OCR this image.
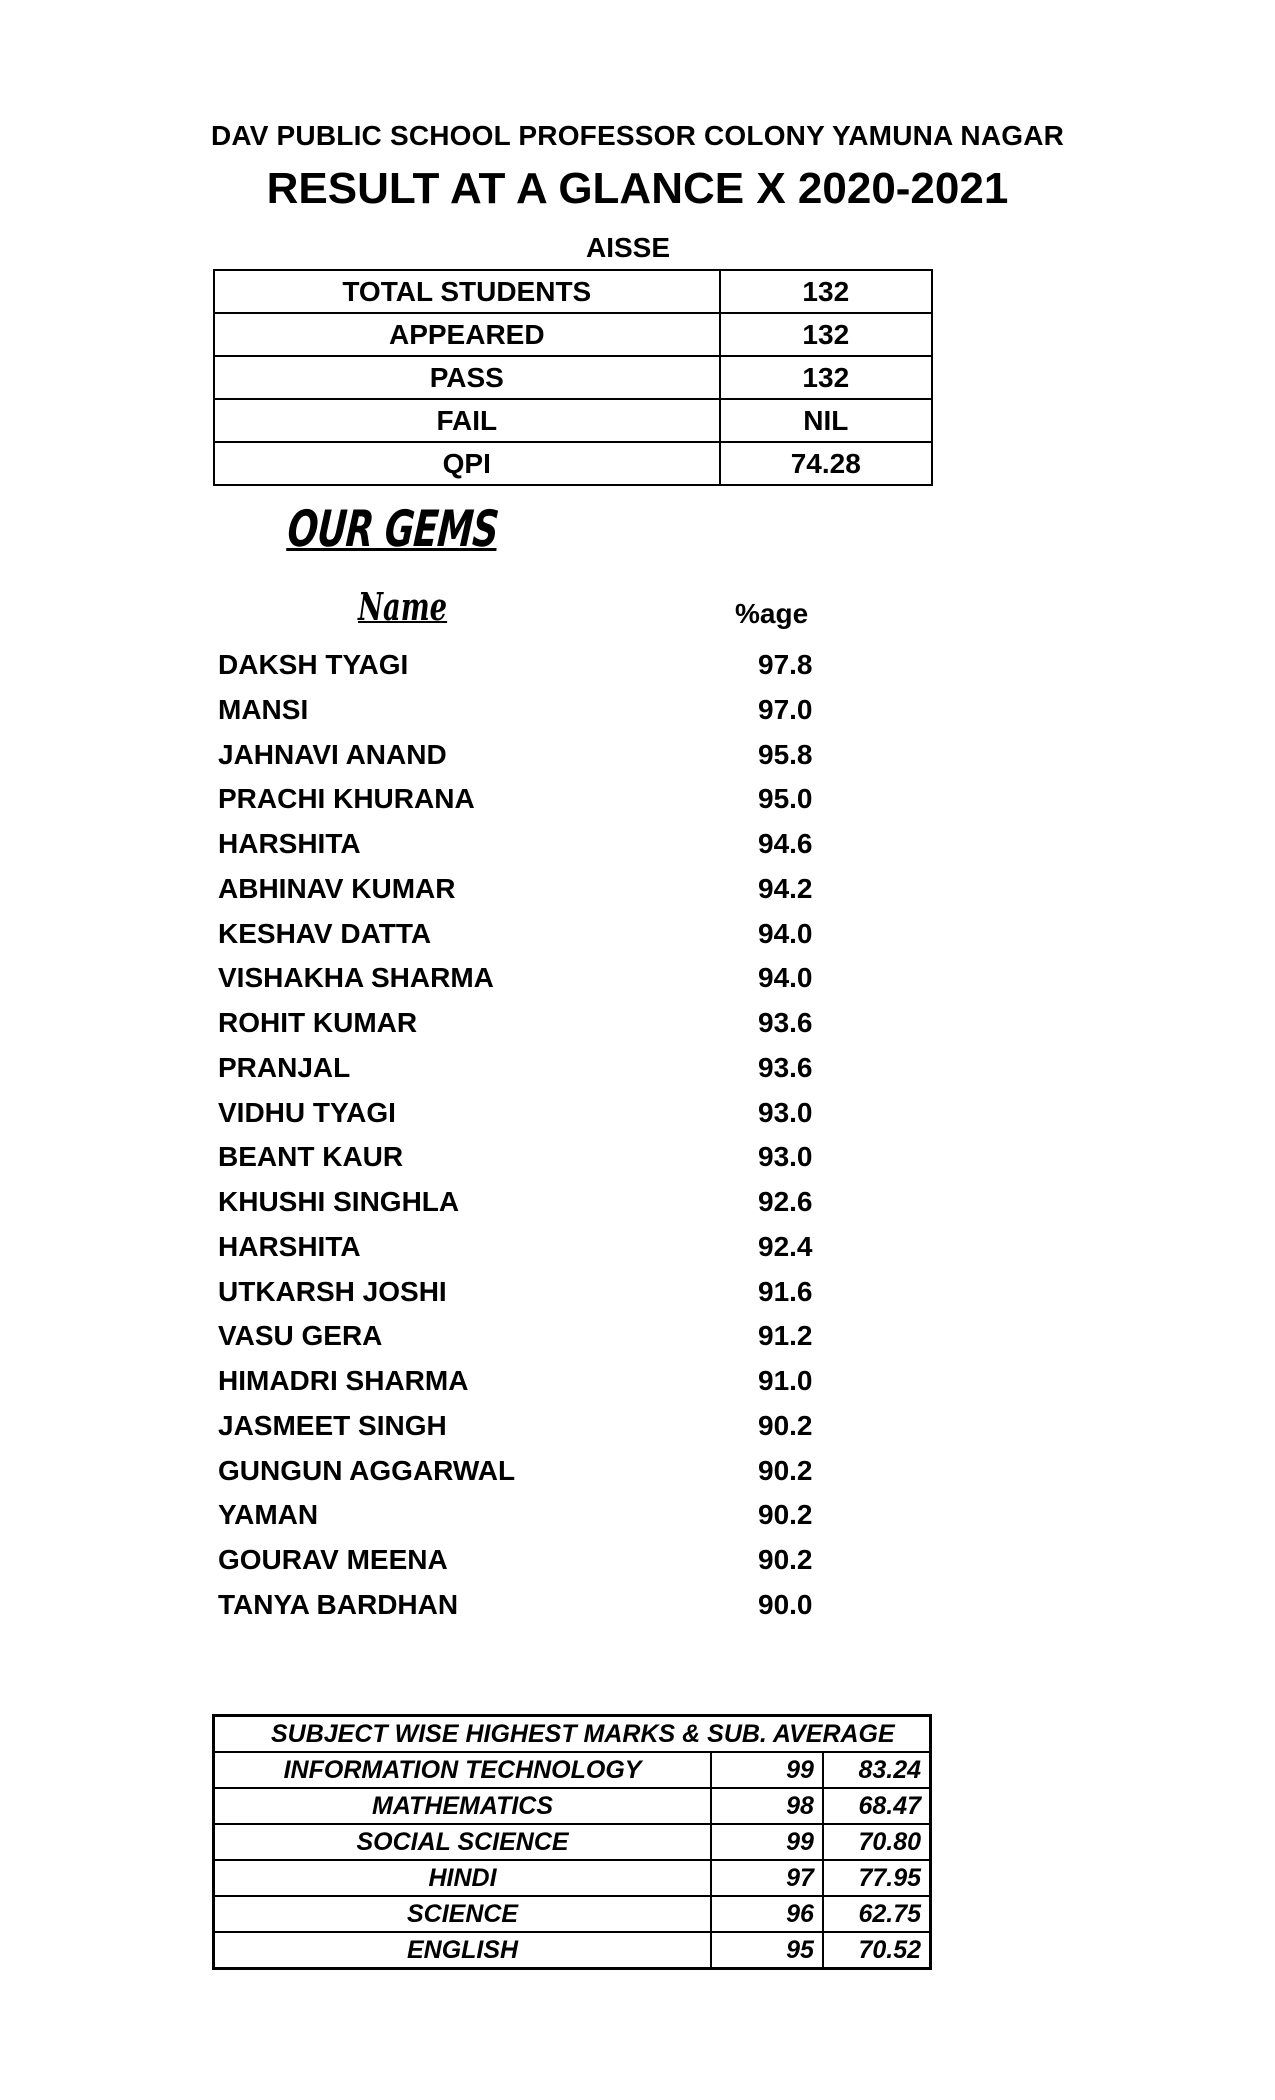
DAV PUBLIC SCHOOL PROFESSOR COLONY YAMUNA NAGAR
RESULT AT A GLANCE X 2020-2021
AISSE
TOTAL STUDENTS	132
APPEARED	132
PASS	132
FAIL	NIL
QPI	74.28
OUR GEMS
Name	%age
DAKSH TYAGI	97.8
MANSI	97.0
JAHNAVI ANAND	95.8
PRACHI KHURANA	95.0
HARSHITA	94.6
ABHINAV KUMAR	94.2
KESHAV DATTA	94.0
VISHAKHA SHARMA	94.0
ROHIT KUMAR	93.6
PRANJAL	93.6
VIDHU TYAGI	93.0
BEANT KAUR	93.0
KHUSHI SINGHLA	92.6
HARSHITA	92.4
UTKARSH JOSHI	91.6
VASU GERA	91.2
HIMADRI SHARMA	91.0
JASMEET SINGH	90.2
GUNGUN AGGARWAL	90.2
YAMAN	90.2
GOURAV MEENA	90.2
TANYA BARDHAN	90.0
SUBJECT WISE HIGHEST MARKS & SUB. AVERAGE		
INFORMATION TECHNOLOGY	99	83.24
MATHEMATICS	98	68.47
SOCIAL SCIENCE	99	70.80
HINDI	97	77.95
SCIENCE	96	62.75
ENGLISH	95	70.52
